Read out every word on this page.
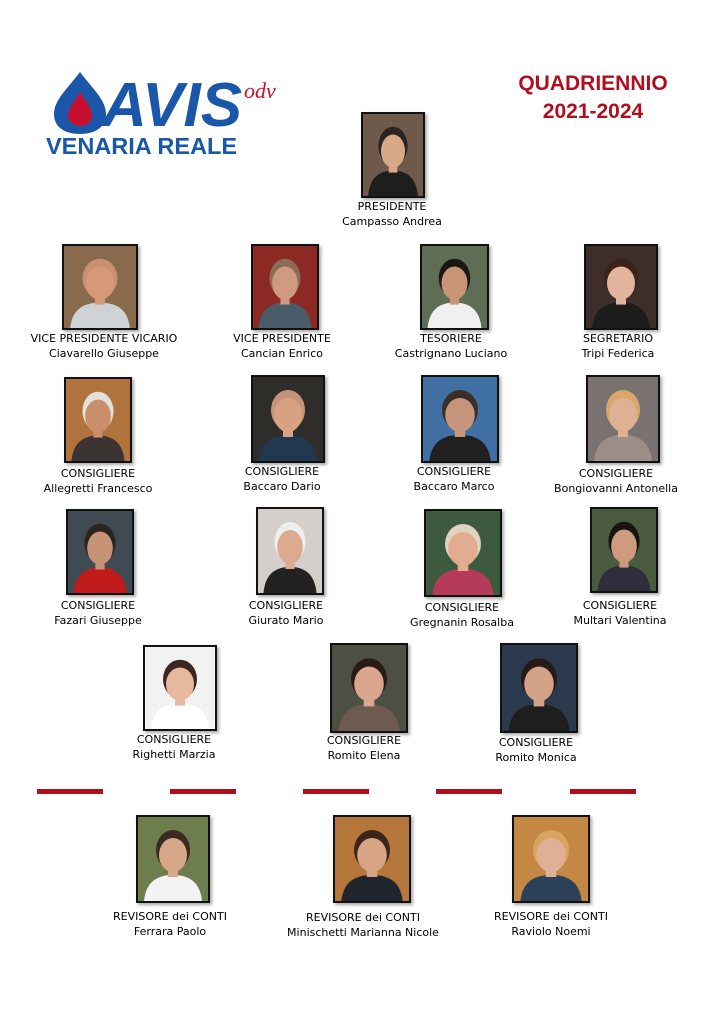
AVIS odv
VENARIA REALE
QUADRIENNIO
2021-2024
PRESIDENTE
Campasso Andrea
VICE PRESIDENTE VICARIO
Ciavarello Giuseppe
VICE PRESIDENTE
Cancian Enrico
TESORIERE
Castrignano Luciano
SEGRETARIO
Tripi Federica
CONSIGLIERE
Allegretti Francesco
CONSIGLIERE
Baccaro Dario
CONSIGLIERE
Baccaro Marco
CONSIGLIERE
Bongiovanni Antonella
CONSIGLIERE
Fazari Giuseppe
CONSIGLIERE
Giurato Mario
CONSIGLIERE
Gregnanin Rosalba
CONSIGLIERE
Multari Valentina
CONSIGLIERE
Righetti Marzia
CONSIGLIERE
Romito Elena
CONSIGLIERE
Romito Monica
REVISORE dei CONTI
Ferrara Paolo
REVISORE dei CONTI
Minischetti Marianna Nicole
REVISORE dei CONTI
Raviolo Noemi
